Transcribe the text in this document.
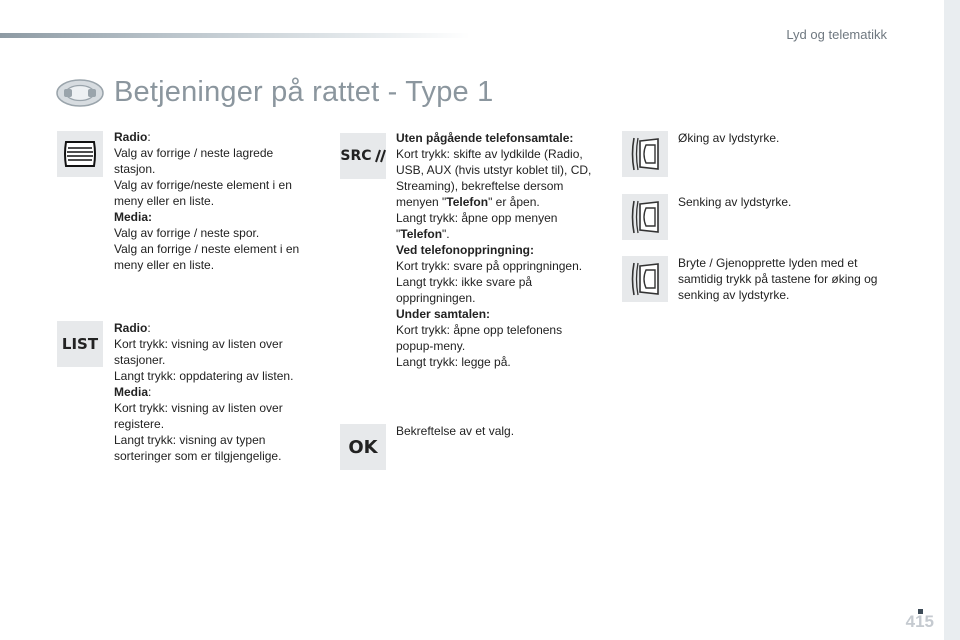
Lyd og telematikk
Betjeninger på rattet - Type 1

Radio:

Valg av forrige / neste lagrede stasjon.

Valg av forrige/neste element i en meny eller en liste.

Media:

Valg av forrige / neste spor.

Valg an forrige / neste element i en meny eller en liste.

LIST

Radio:

Kort trykk: visning av listen over stasjoner.

Langt trykk: oppdatering av listen.

Media:

Kort trykk: visning av listen over registere.

Langt trykk: visning av typen sorteringer som er tilgjengelige.

SRC

Uten pågående telefonsamtale:

Kort trykk: skifte av lydkilde (Radio, USB, AUX (hvis utstyr koblet til), CD, Streaming), bekreftelse dersom menyen "Telefon" er åpen.

Langt trykk: åpne opp menyen "Telefon".

Ved telefonoppringning:

Kort trykk: svare på oppringningen.

Langt trykk: ikke svare på oppringningen.

Under samtalen:

Kort trykk: åpne opp telefonens popup-meny.

Langt trykk: legge på.

OK
Bekreftelse av et valg.
Øking av lydstyrke.
Senking av lydstyrke.
Bryte / Gjenopprette lyden med et samtidig trykk på tastene for øking og senking av lydstyrke.
415
